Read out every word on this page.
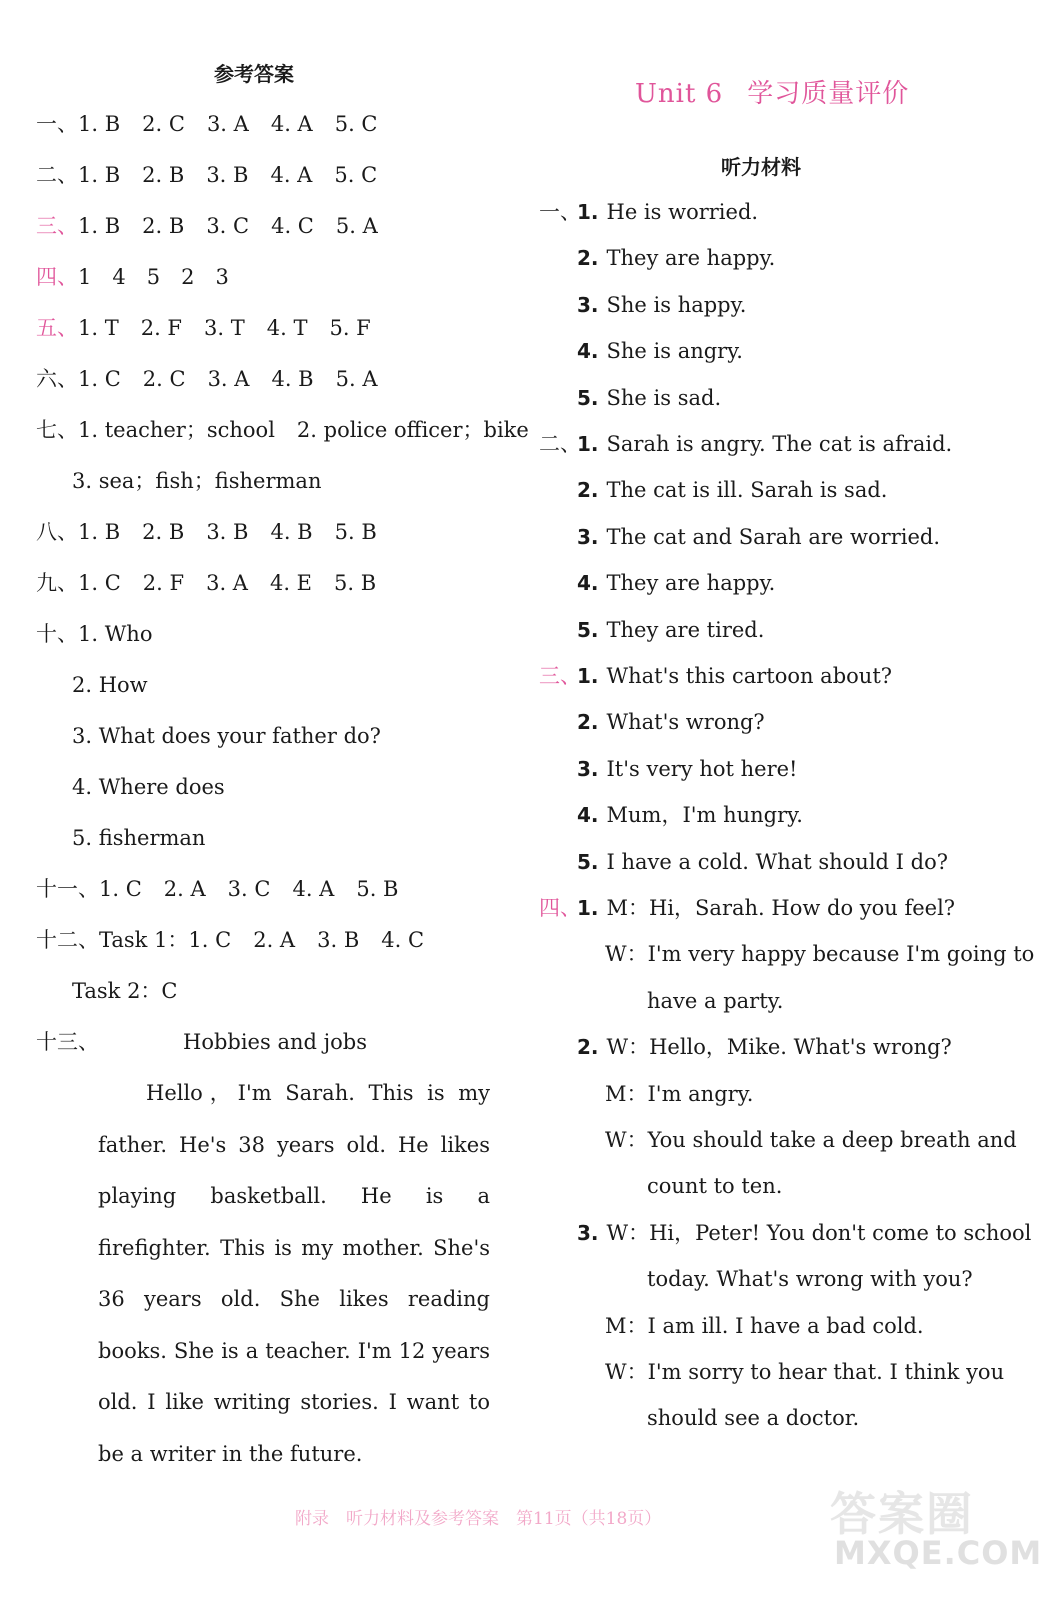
参考答案
一、1. B 2. C 3. A 4. A 5. C
二、1. B 2. B 3. B 4. A 5. C
三、1. B 2. B 3. C 4. C 5. A
四、1　4　5　2　3
五、1. T 2. F 3. T 4. T 5. F
六、1. C 2. C 3. A 4. B 5. A
七、1. teacher；school 2. police officer；bike
3. sea；fish；fisherman
八、1. B 2. B 3. B 4. B 5. B
九、1. C 2. F 3. A 4. E 5. B
十、1. Who
2. How
3. What does your father do?
4. Where does
5. fisherman
十一、1. C 2. A 3. C 4. A 5. B
十二、Task 1：1. C 2. A 3. B 4. C
Task 2：C
十三、	Hobbies and jobs
Hello，I'm Sarah. This is my father. He's 38 years old. He likes playing basketball. He is a firefighter. This is my mother. She's 36 years old. She likes reading books. She is a teacher. I'm 12 years old. I like writing stories. I want to be a writer in the future.
Unit 6 学习质量评价
听力材料
一、
1. He is worried.
2. They are happy.
3. She is happy.
4. She is angry.
5. She is sad.
二、
1. Sarah is angry. The cat is afraid.
2. The cat is ill. Sarah is sad.
3. The cat and Sarah are worried.
4. They are happy.
5. They are tired.
三、
1. What's this cartoon about?
2. What's wrong?
3. It's very hot here!
4. Mum，I'm hungry.
5. I have a cold. What should I do?
四、
1. M：Hi，Sarah. How do you feel?
W：I'm very happy because I'm going to
have a party.
2. W：Hello，Mike. What's wrong?
M：I'm angry.
W：You should take a deep breath and
count to ten.
3. W：Hi，Peter! You don't come to school
today. What's wrong with you?
M：I am ill. I have a bad cold.
W：I'm sorry to hear that. I think you
should see a doctor.
附录　听力材料及参考答案　第11页（共18页）	答案圈
MXQE.COM
